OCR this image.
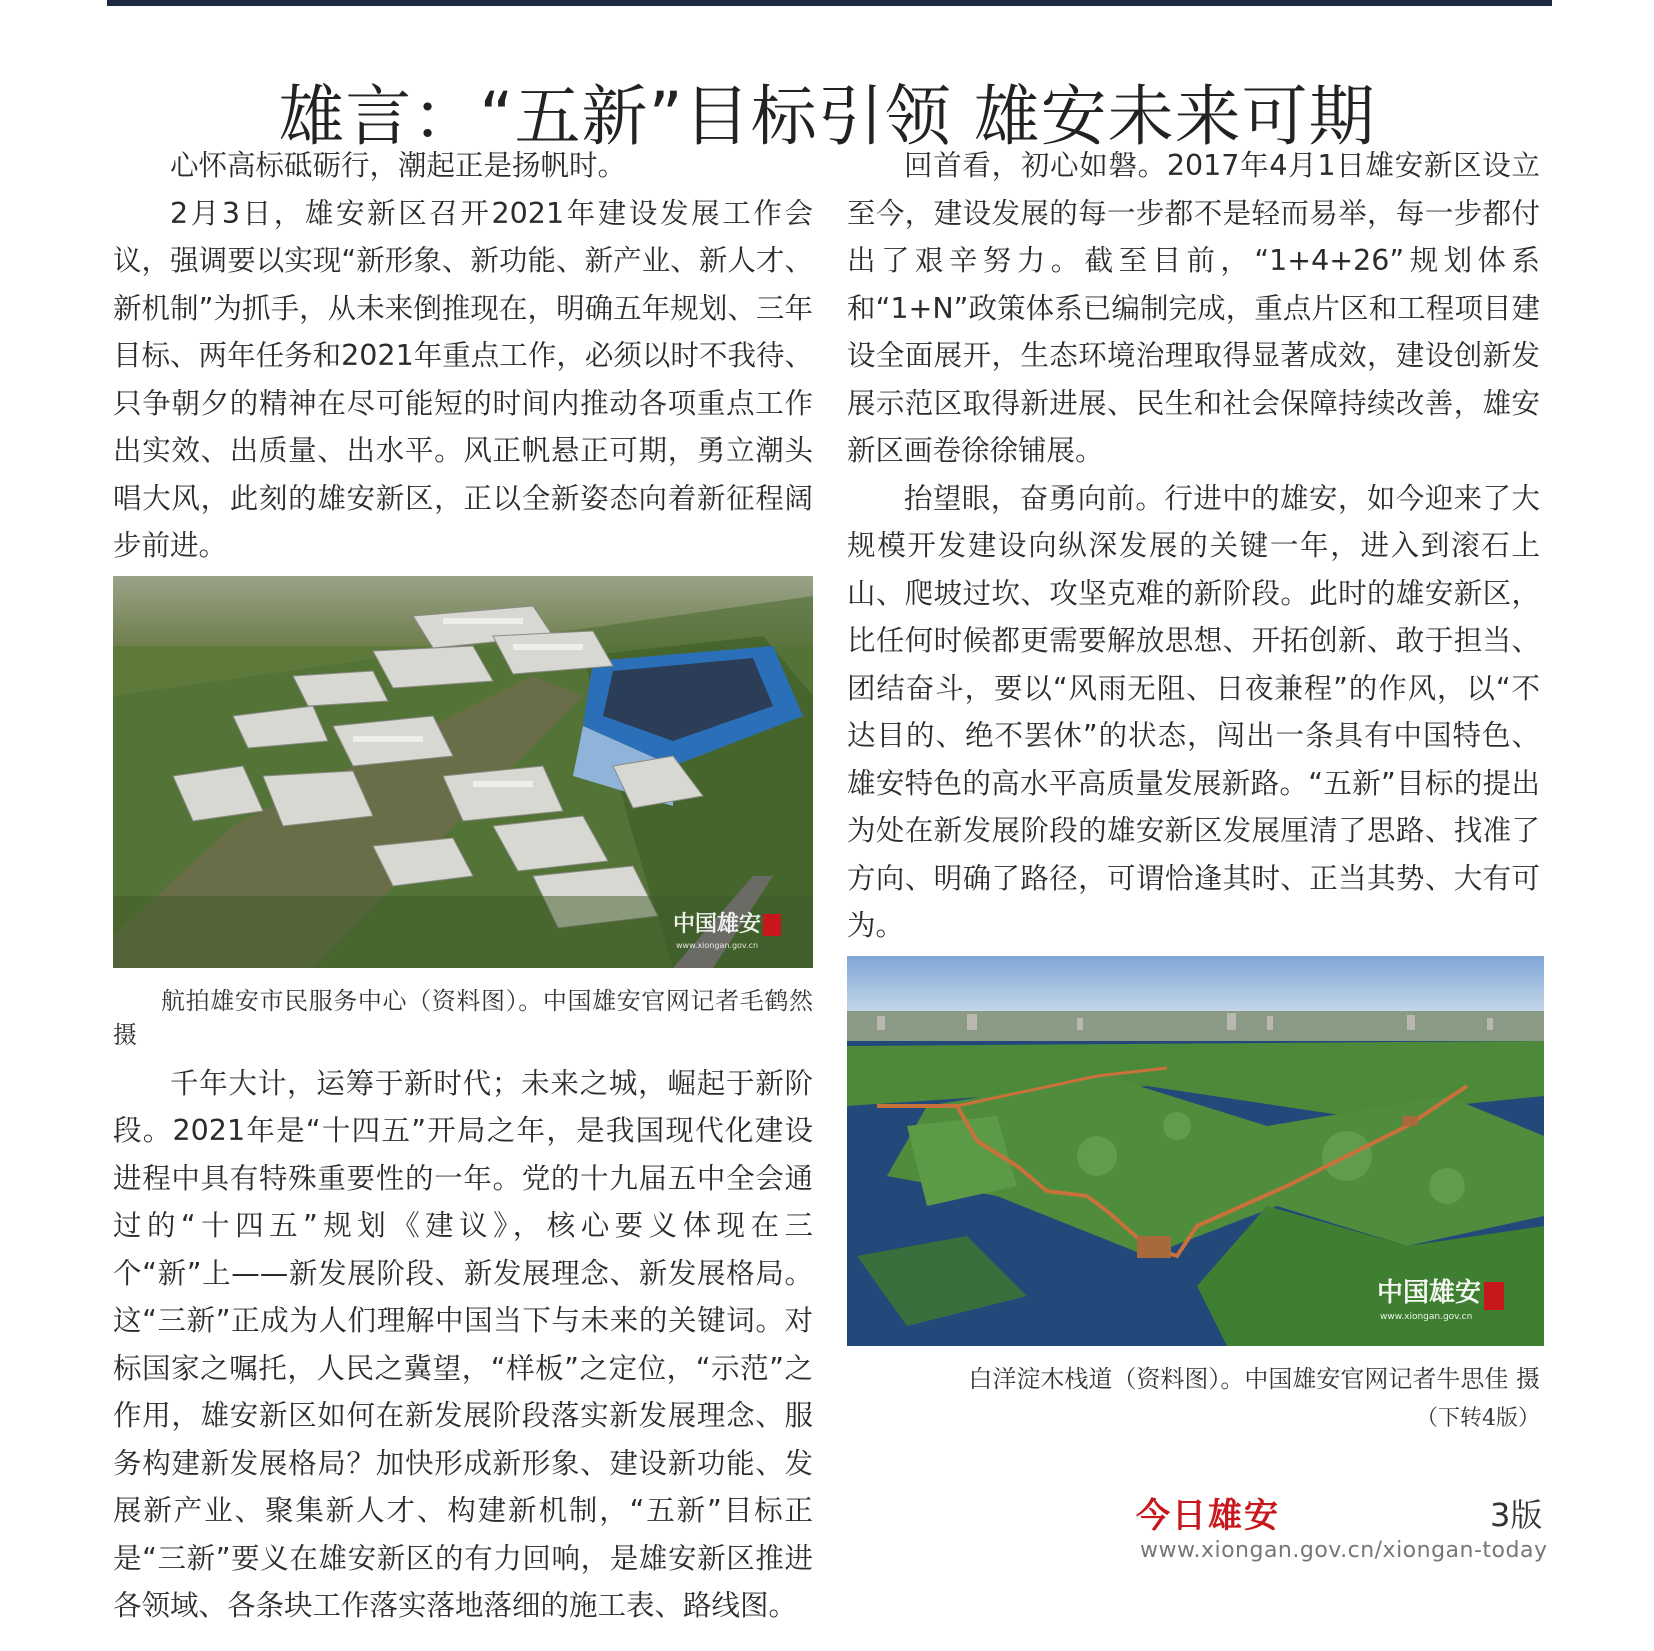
雄言：“五新”目标引领 雄安未来可期

心怀高标砥砺行，潮起正是扬帆时。

2月3日，雄安新区召开2021年建设发展工作会议，强调要以实现“新形象、新功能、新产业、新人才、新机制”为抓手，从未来倒推现在，明确五年规划、三年目标、两年任务和2021年重点工作，必须以时不我待、只争朝夕的精神在尽可能短的时间内推动各项重点工作出实效、出质量、出水平。风正帆悬正可期，勇立潮头唱大风，此刻的雄安新区，正以全新姿态向着新征程阔步前进。

中国雄安
www.xiongan.gov.cn

航拍雄安市民服务中心（资料图）。中国雄安官网记者毛鹤然 摄

千年大计，运筹于新时代；未来之城，崛起于新阶段。2021年是“十四五”开局之年，是我国现代化建设进程中具有特殊重要性的一年。党的十九届五中全会通过的“十四五”规划《建议》，核心要义体现在三个“新”上——新发展阶段、新发展理念、新发展格局。这“三新”正成为人们理解中国当下与未来的关键词。对标国家之嘱托，人民之冀望，“样板”之定位，“示范”之作用，雄安新区如何在新发展阶段落实新发展理念、服务构建新发展格局？加快形成新形象、建设新功能、发展新产业、聚集新人才、构建新机制，“五新”目标正是“三新”要义在雄安新区的有力回响，是雄安新区推进各领域、各条块工作落实落地落细的施工表、路线图。

回首看，初心如磐。2017年4月1日雄安新区设立至今，建设发展的每一步都不是轻而易举，每一步都付出了艰辛努力。截至目前，“1+4+26”规划体系和“1+N”政策体系已编制完成，重点片区和工程项目建设全面展开，生态环境治理取得显著成效，建设创新发展示范区取得新进展、民生和社会保障持续改善，雄安新区画卷徐徐铺展。

抬望眼，奋勇向前。行进中的雄安，如今迎来了大规模开发建设向纵深发展的关键一年，进入到滚石上山、爬坡过坎、攻坚克难的新阶段。此时的雄安新区，比任何时候都更需要解放思想、开拓创新、敢于担当、团结奋斗，要以“风雨无阻、日夜兼程”的作风，以“不达目的、绝不罢休”的状态，闯出一条具有中国特色、雄安特色的高水平高质量发展新路。“五新”目标的提出为处在新发展阶段的雄安新区发展厘清了思路、找准了方向、明确了路径，可谓恰逢其时、正当其势、大有可为。

中国雄安
www.xiongan.gov.cn

白洋淀木栈道（资料图）。中国雄安官网记者牛思佳 摄

（下转4版）

今日雄安	3版
www.xiongan.gov.cn/xiongan-today
